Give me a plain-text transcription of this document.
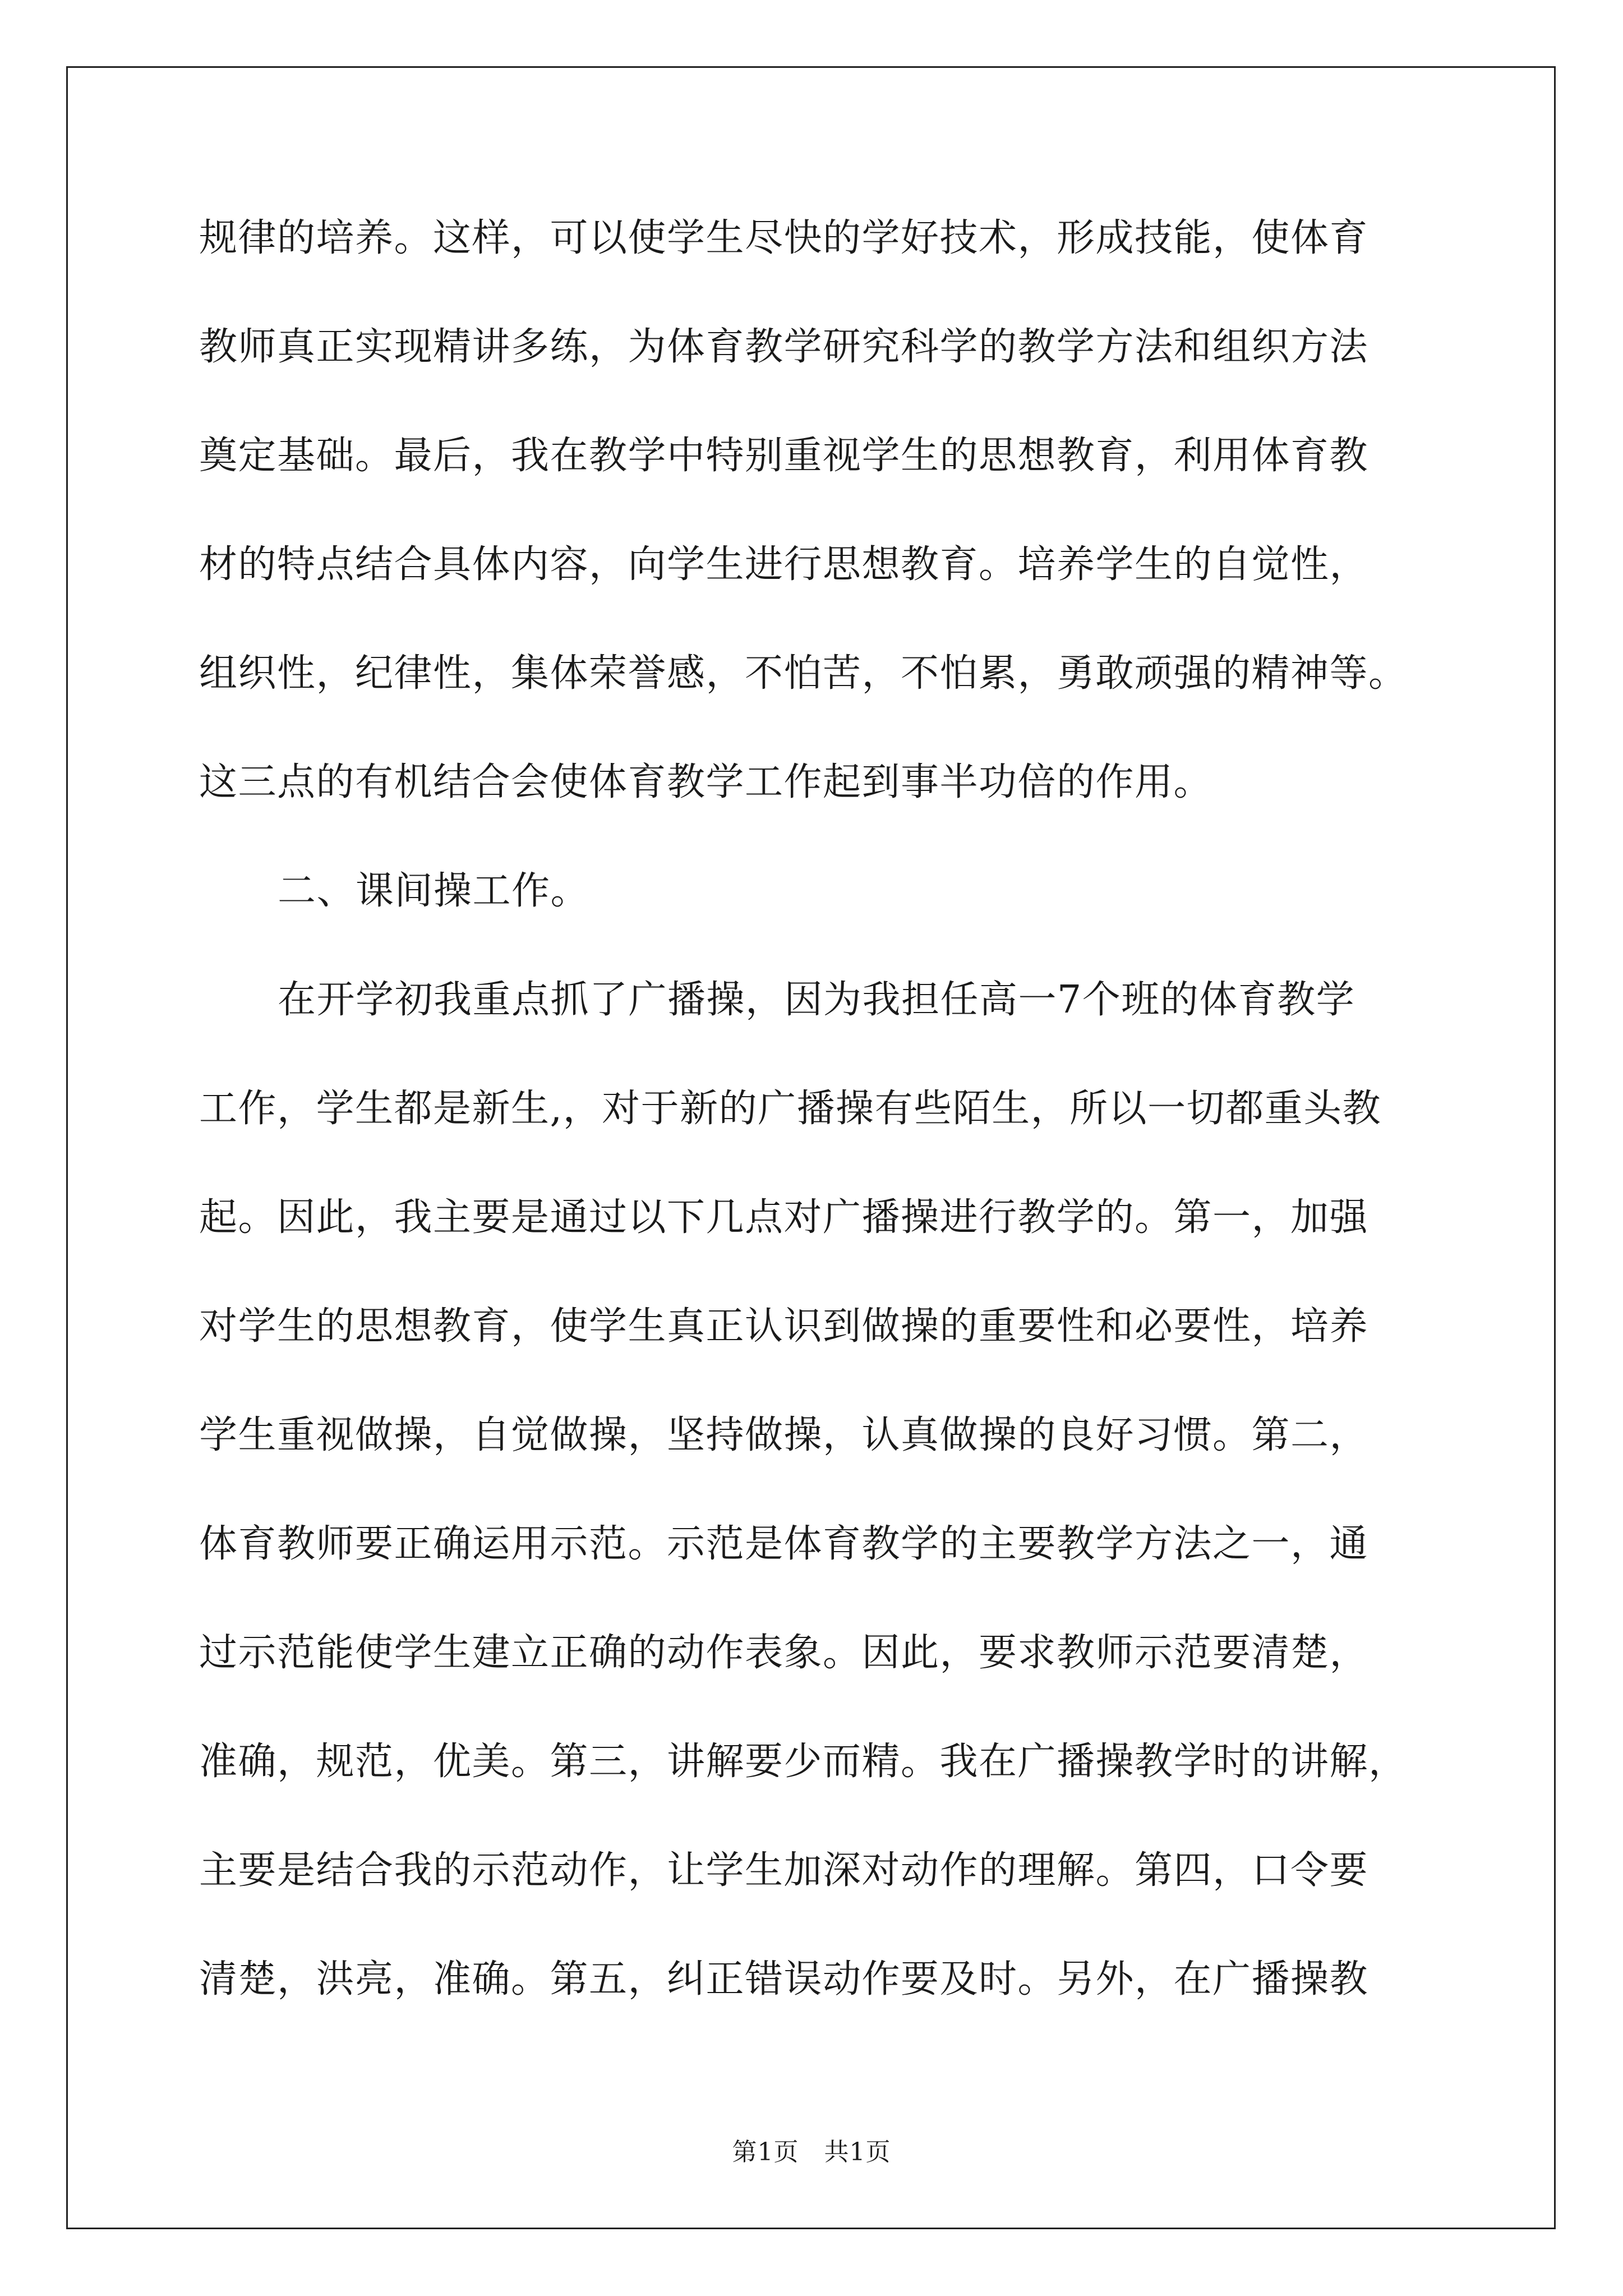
规律的培养。这样，可以使学生尽快的学好技术，形成技能，使体育
教师真正实现精讲多练，为体育教学研究科学的教学方法和组织方法
奠定基础。最后，我在教学中特别重视学生的思想教育，利用体育教
材的特点结合具体内容，向学生进行思想教育。培养学生的自觉性，
组织性，纪律性，集体荣誉感，不怕苦，不怕累，勇敢顽强的精神等。
这三点的有机结合会使体育教学工作起到事半功倍的作用。
二、课间操工作。
在开学初我重点抓了广播操，因为我担任高一7个班的体育教学
工作，学生都是新生,，对于新的广播操有些陌生，所以一切都重头教
起。因此，我主要是通过以下几点对广播操进行教学的。第一，加强
对学生的思想教育，使学生真正认识到做操的重要性和必要性，培养
学生重视做操，自觉做操，坚持做操，认真做操的良好习惯。第二，
体育教师要正确运用示范。示范是体育教学的主要教学方法之一，通
过示范能使学生建立正确的动作表象。因此，要求教师示范要清楚，
准确，规范，优美。第三，讲解要少而精。我在广播操教学时的讲解，
主要是结合我的示范动作，让学生加深对动作的理解。第四，口令要
清楚，洪亮，准确。第五，纠正错误动作要及时。另外，在广播操教
第1页　共1页
